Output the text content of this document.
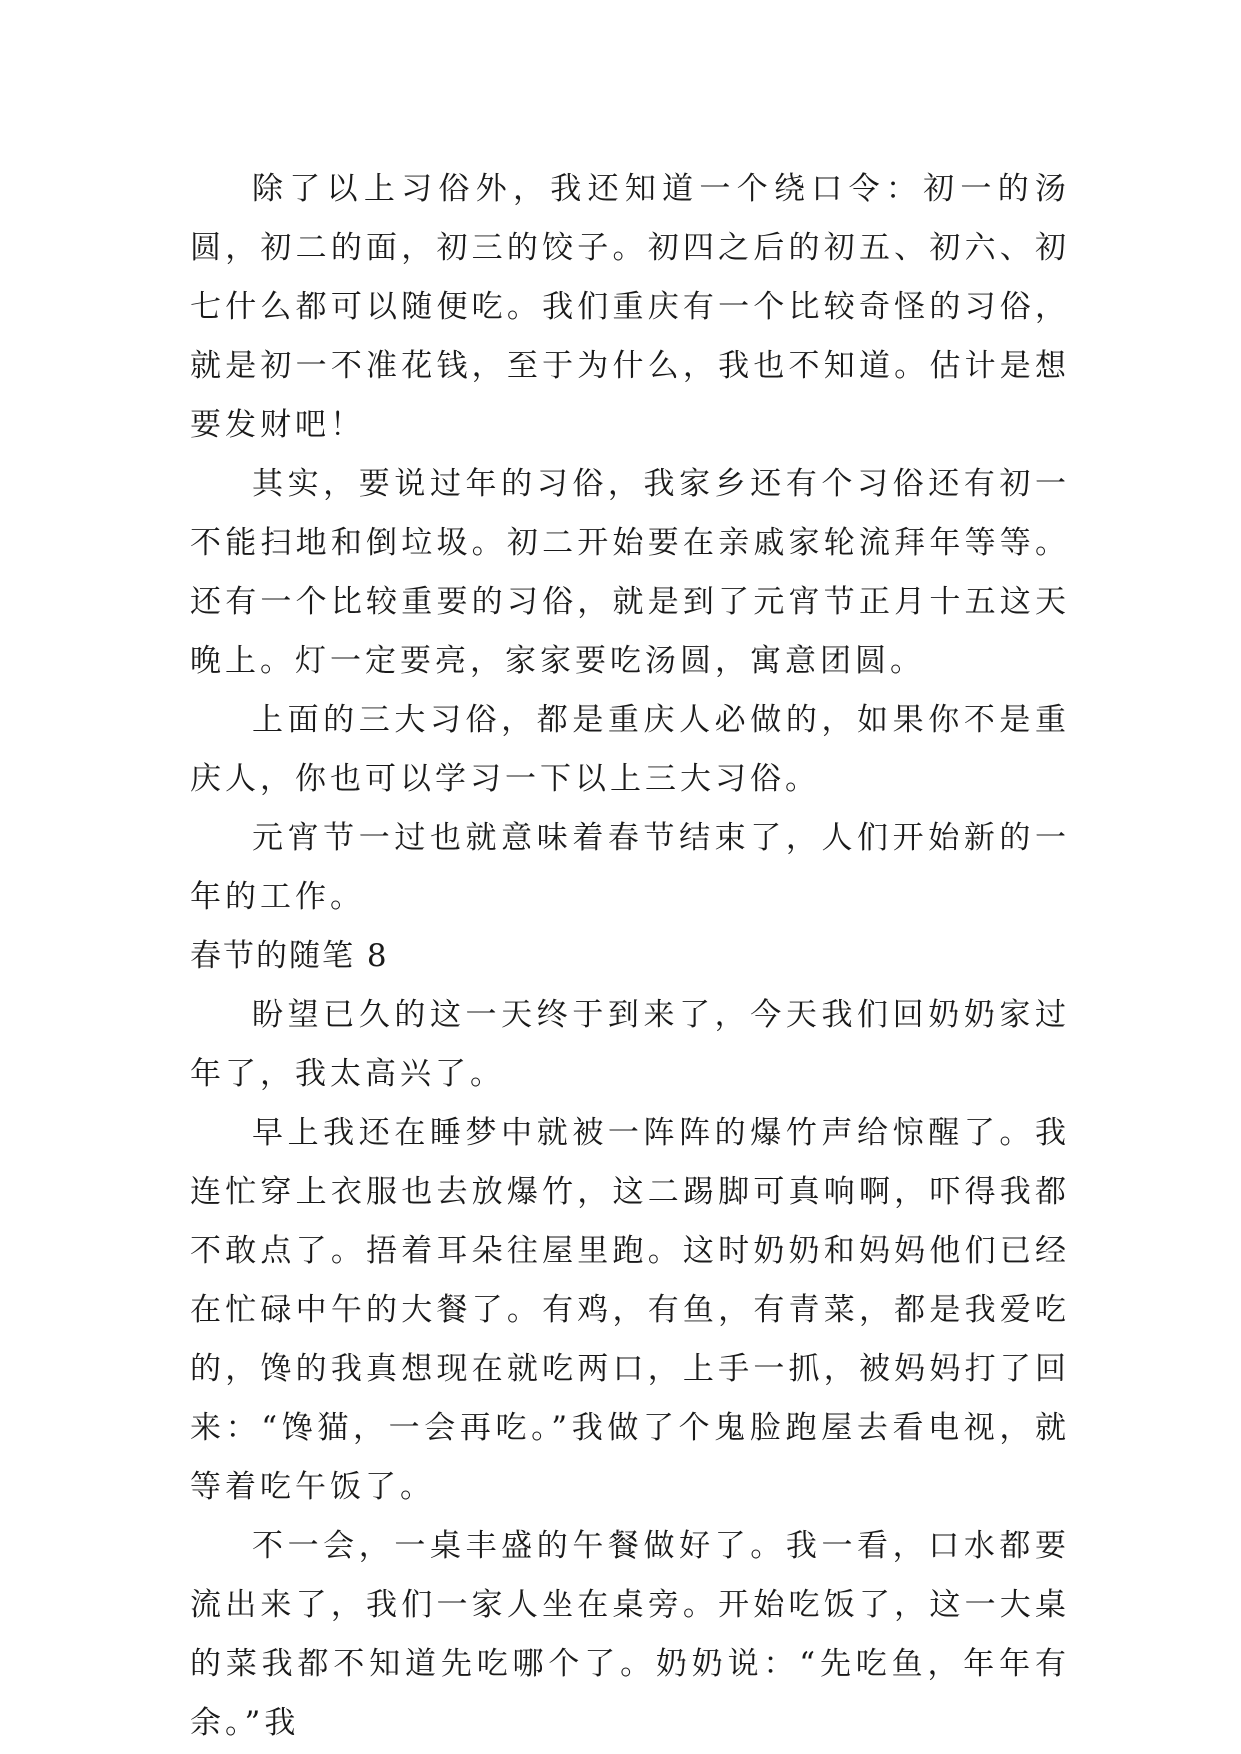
除了以上习俗外，我还知道一个绕口令：初一的汤圆，初二的面，初三的饺子。初四之后的初五、初六、初七什么都可以随便吃。我们重庆有一个比较奇怪的习俗，就是初一不准花钱，至于为什么，我也不知道。估计是想要发财吧！

其实，要说过年的习俗，我家乡还有个习俗还有初一不能扫地和倒垃圾。初二开始要在亲戚家轮流拜年等等。还有一个比较重要的习俗，就是到了元宵节正月十五这天晚上。灯一定要亮，家家要吃汤圆，寓意团圆。

上面的三大习俗，都是重庆人必做的，如果你不是重庆人，你也可以学习一下以上三大习俗。

元宵节一过也就意味着春节结束了，人们开始新的一年的工作。

春节的随笔 8

盼望已久的这一天终于到来了，今天我们回奶奶家过年了，我太高兴了。

早上我还在睡梦中就被一阵阵的爆竹声给惊醒了。我连忙穿上衣服也去放爆竹，这二踢脚可真响啊，吓得我都不敢点了。捂着耳朵往屋里跑。这时奶奶和妈妈他们已经在忙碌中午的大餐了。有鸡，有鱼，有青菜，都是我爱吃的，馋的我真想现在就吃两口，上手一抓，被妈妈打了回来：“馋猫，一会再吃。”我做了个鬼脸跑屋去看电视，就等着吃午饭了。

不一会，一桌丰盛的午餐做好了。我一看，口水都要流出来了，我们一家人坐在桌旁。开始吃饭了，这一大桌的菜我都不知道先吃哪个了。奶奶说：“先吃鱼，年年有余。”我
